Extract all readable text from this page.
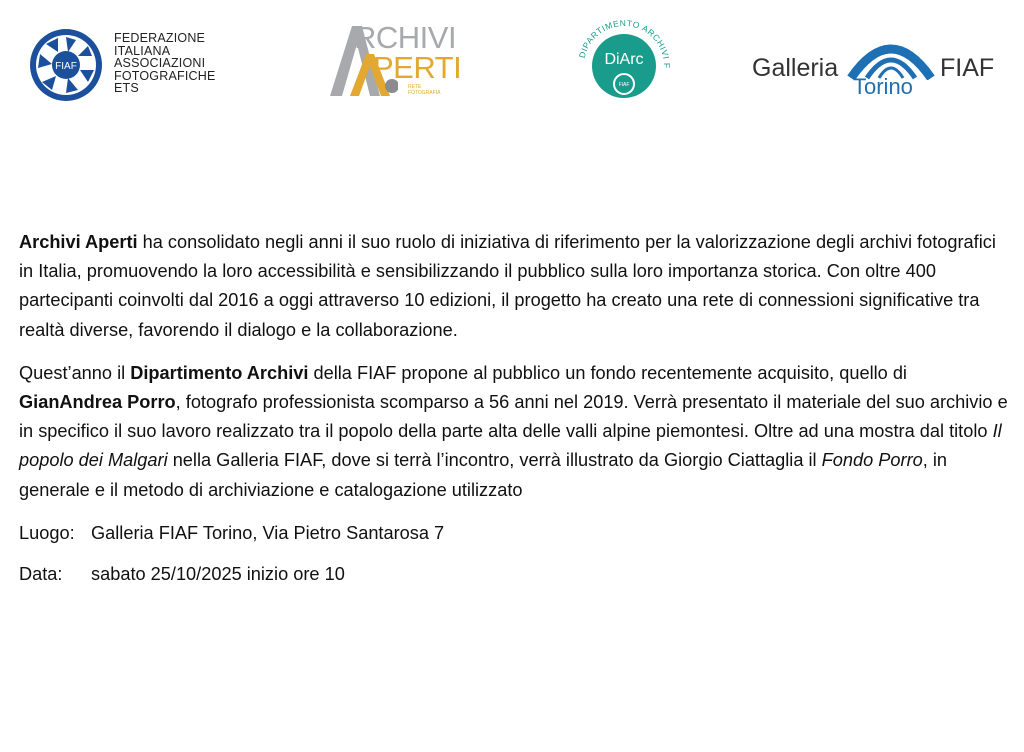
FIAF
FEDERAZIONE
ITALIANA
ASSOCIAZIONI
FOTOGRAFICHE
ETS
RCHIVI
PERTI
RETE
FOTOGRAFIA
DIPARTIMENTO ARCHIVI F
DiArc
FIAF
Galleria	FIAF
Torino

Archivi Aperti ha consolidato negli anni il suo ruolo di iniziativa di riferimento per la valorizzazione degli archivi fotografici in Italia, promuovendo la loro accessibilità e sensibilizzando il pubblico sulla loro importanza storica. Con oltre 400 partecipanti coinvolti dal 2016 a oggi attraverso 10 edizioni, il progetto ha creato una rete di connessioni significative tra realtà diverse, favorendo il dialogo e la collaborazione.

Quest’anno il Dipartimento Archivi della FIAF propone al pubblico un fondo recentemente acquisito, quello di GianAndrea Porro, fotografo professionista scomparso a 56 anni nel 2019. Verrà presentato il materiale del suo archivio e in specifico il suo lavoro realizzato tra il popolo della parte alta delle valli alpine piemontesi. Oltre ad una mostra dal titolo Il popolo dei Malgari nella Galleria FIAF, dove si terrà l’incontro, verrà illustrato da Giorgio Ciattaglia il Fondo Porro, in generale e il metodo di archiviazione e catalogazione utilizzato

Luogo: Galleria FIAF Torino, Via Pietro Santarosa 7
Data:	sabato 25/10/2025 inizio ore 10
